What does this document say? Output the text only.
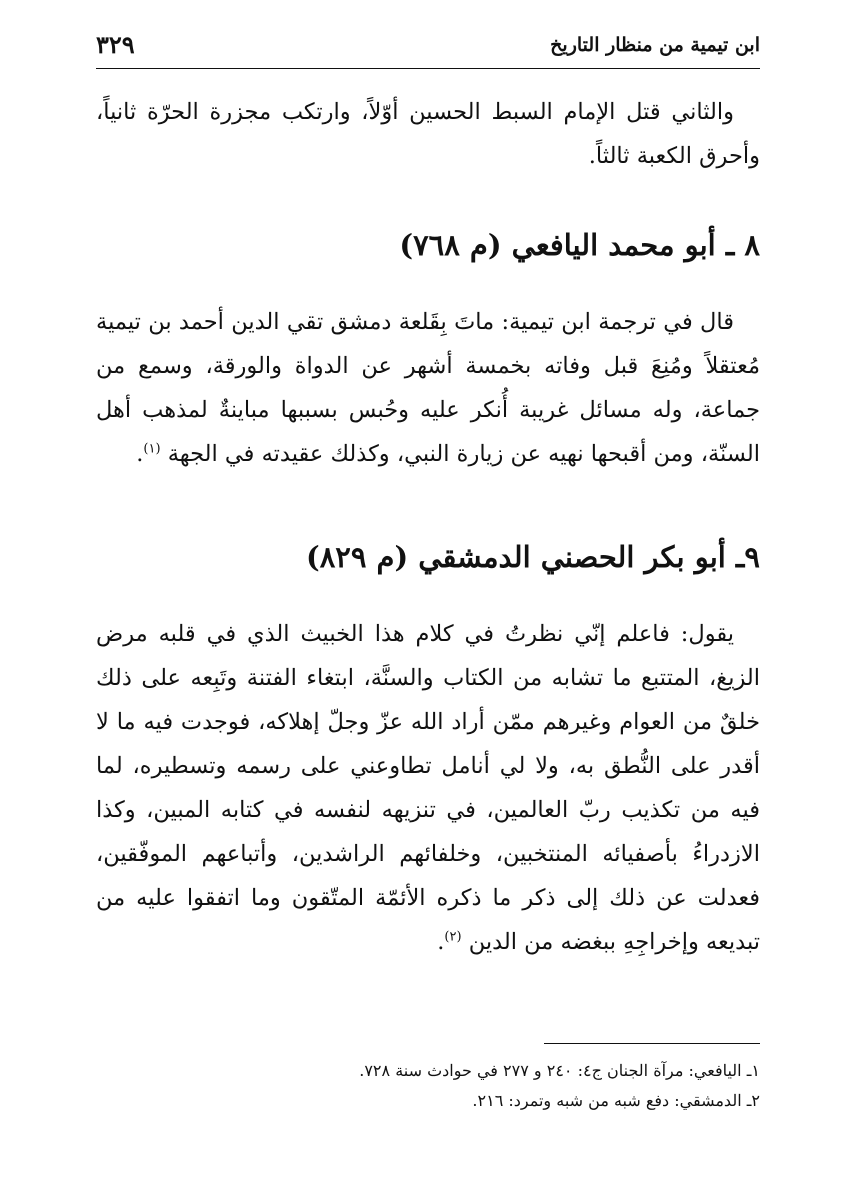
ابن تيمية من منظار التاريخ
٣٢٩

والثاني قتل الإمام السبط الحسين أوّلاً، وارتكب مجزرة الحرّة ثانياً، وأحرق الكعبة ثالثاً.

٨ ـ أبو محمد اليافعي (م ٧٦٨)

قال في ترجمة ابن تيمية: ماتَ بِقَلعة دمشق تقي الدين أحمد بن تيمية مُعتقلاً ومُنِعَ قبل وفاته بخمسة أشهر عن الدواة والورقة، وسمع من جماعة، وله مسائل غريبة أُنكر عليه وحُبس بسببها مباينةٌ لمذهب أهل السنّة، ومن أقبحها نهيه عن زيارة النبي، وكذلك عقيدته في الجهة $^{(١)}$.

٩ـ أبو بكر الحصني الدمشقي (م ٨٢٩)

يقول: فاعلم إنّي نظرتُ في كلام هذا الخبيث الذي في قلبه مرض الزيغ، المتتبع ما تشابه من الكتاب والسنَّة، ابتغاء الفتنة وتَبِعه على ذلك خلقٌ من العوام وغيرهم ممّن أراد الله عزّ وجلّ إهلاكه، فوجدت فيه ما لا أقدر على النُّطق به، ولا لي أنامل تطاوعني على رسمه وتسطيره، لما فيه من تكذيب ربّ العالمين، في تنزيهه لنفسه في كتابه المبين، وكذا الازدراءُ بأصفيائه المنتخبين، وخلفائهم الراشدين، وأتباعهم الموفّقين، فعدلت عن ذلك إلى ذكر ما ذكره الأئمّة المتّقون وما اتفقوا عليه من تبديعه وإخراجِهِ ببغضه من الدين $^{(٢)}$.

١ـ اليافعي: مرآة الجنان ج٤: ٢٤٠ و ٢٧٧ في حوادث سنة ٧٢٨.

٢ـ الدمشقي: دفع شبه من شبه وتمرد: ٢١٦.
